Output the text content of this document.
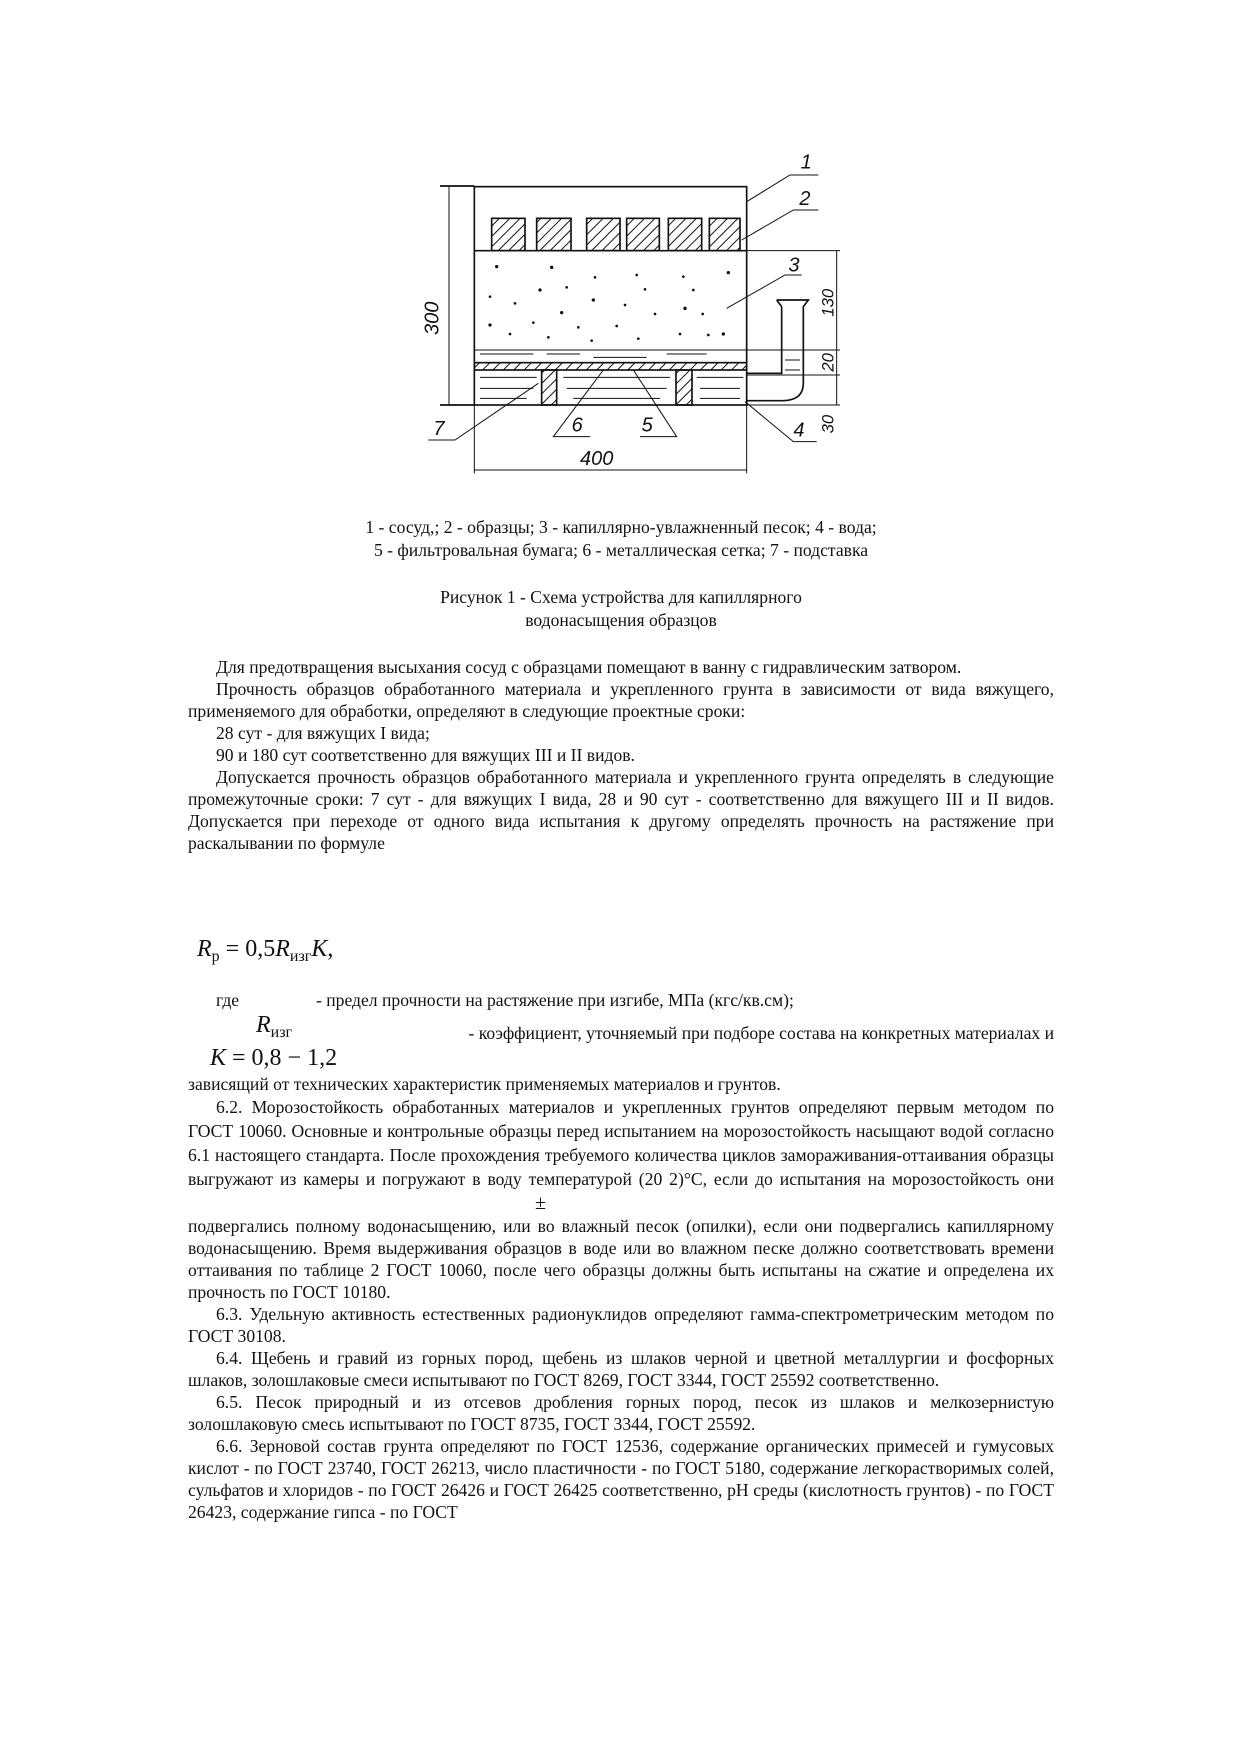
1
2
3
4
5
6
7
400
300	130
20
30
1 - сосуд,; 2 - образцы; 3 - капиллярно-увлажненный песок; 4 - вода;
5 - фильтровальная бумага; 6 - металлическая сетка; 7 - подставка
Рисунок 1 - Схема устройства для капиллярного
водонасыщения образцов

Для предотвращения высыхания сосуд с образцами помещают в ванну с гидравлическим затвором.

Прочность образцов обработанного материала и укрепленного грунта в зависимости от вида вяжущего, применяемого для обработки, определяют в следующие проектные сроки:

28 сут - для вяжущих I вида;

90 и 180 сут соответственно для вяжущих III и II видов.

Допускается прочность образцов обработанного материала и укрепленного грунта определять в следующие промежуточные сроки: 7 сут - для вяжущих I вида, 28 и 90 сут - соответственно для вяжущего III и II видов. Допускается при переходе от одного вида испытания к другому определять прочность на растяжение при раскалывании по формуле

$R_р = 0,5R_{изг}K$,
где	- предел прочности на растяжение при изгибе, МПа (кгс/кв.см);
$R_{изг}$	- коэффициент, уточняемый при подборе состава на конкретных материалах и
K = 0,8 − 1,2

зависящий от технических характеристик применяемых материалов и грунтов.

6.2. Морозостойкость обработанных материалов и укрепленных грунтов определяют первым методом по ГОСТ 10060. Основные и контрольные образцы перед испытанием на морозостойкость насыщают водой согласно 6.1 настоящего стандарта. После прохождения требуемого количества циклов замораживания-оттаивания образцы выгружают из камеры и погружают в воду температурой (20 2)°С, если до испытания на морозостойкость они

±

подвергались полному водонасыщению, или во влажный песок (опилки), если они подвергались капиллярному водонасыщению. Время выдерживания образцов в воде или во влажном песке должно соответствовать времени оттаивания по таблице 2 ГОСТ 10060, после чего образцы должны быть испытаны на сжатие и определена их прочность по ГОСТ 10180.

6.3. Удельную активность естественных радионуклидов определяют гамма-спектрометрическим методом по ГОСТ 30108.

6.4. Щебень и гравий из горных пород, щебень из шлаков черной и цветной металлургии и фосфорных шлаков, золошлаковые смеси испытывают по ГОСТ 8269, ГОСТ 3344, ГОСТ 25592 соответственно.

6.5. Песок природный и из отсевов дробления горных пород, песок из шлаков и мелкозернистую золошлаковую смесь испытывают по ГОСТ 8735, ГОСТ 3344, ГОСТ 25592.

6.6. Зерновой состав грунта определяют по ГОСТ 12536, содержание органических примесей и гумусовых кислот - по ГОСТ 23740, ГОСТ 26213, число пластичности - по ГОСТ 5180, содержание легкорастворимых солей, сульфатов и хлоридов - по ГОСТ 26426 и ГОСТ 26425 соответственно, pH среды (кислотность грунтов) - по ГОСТ 26423, содержание гипса - по ГОСТ
